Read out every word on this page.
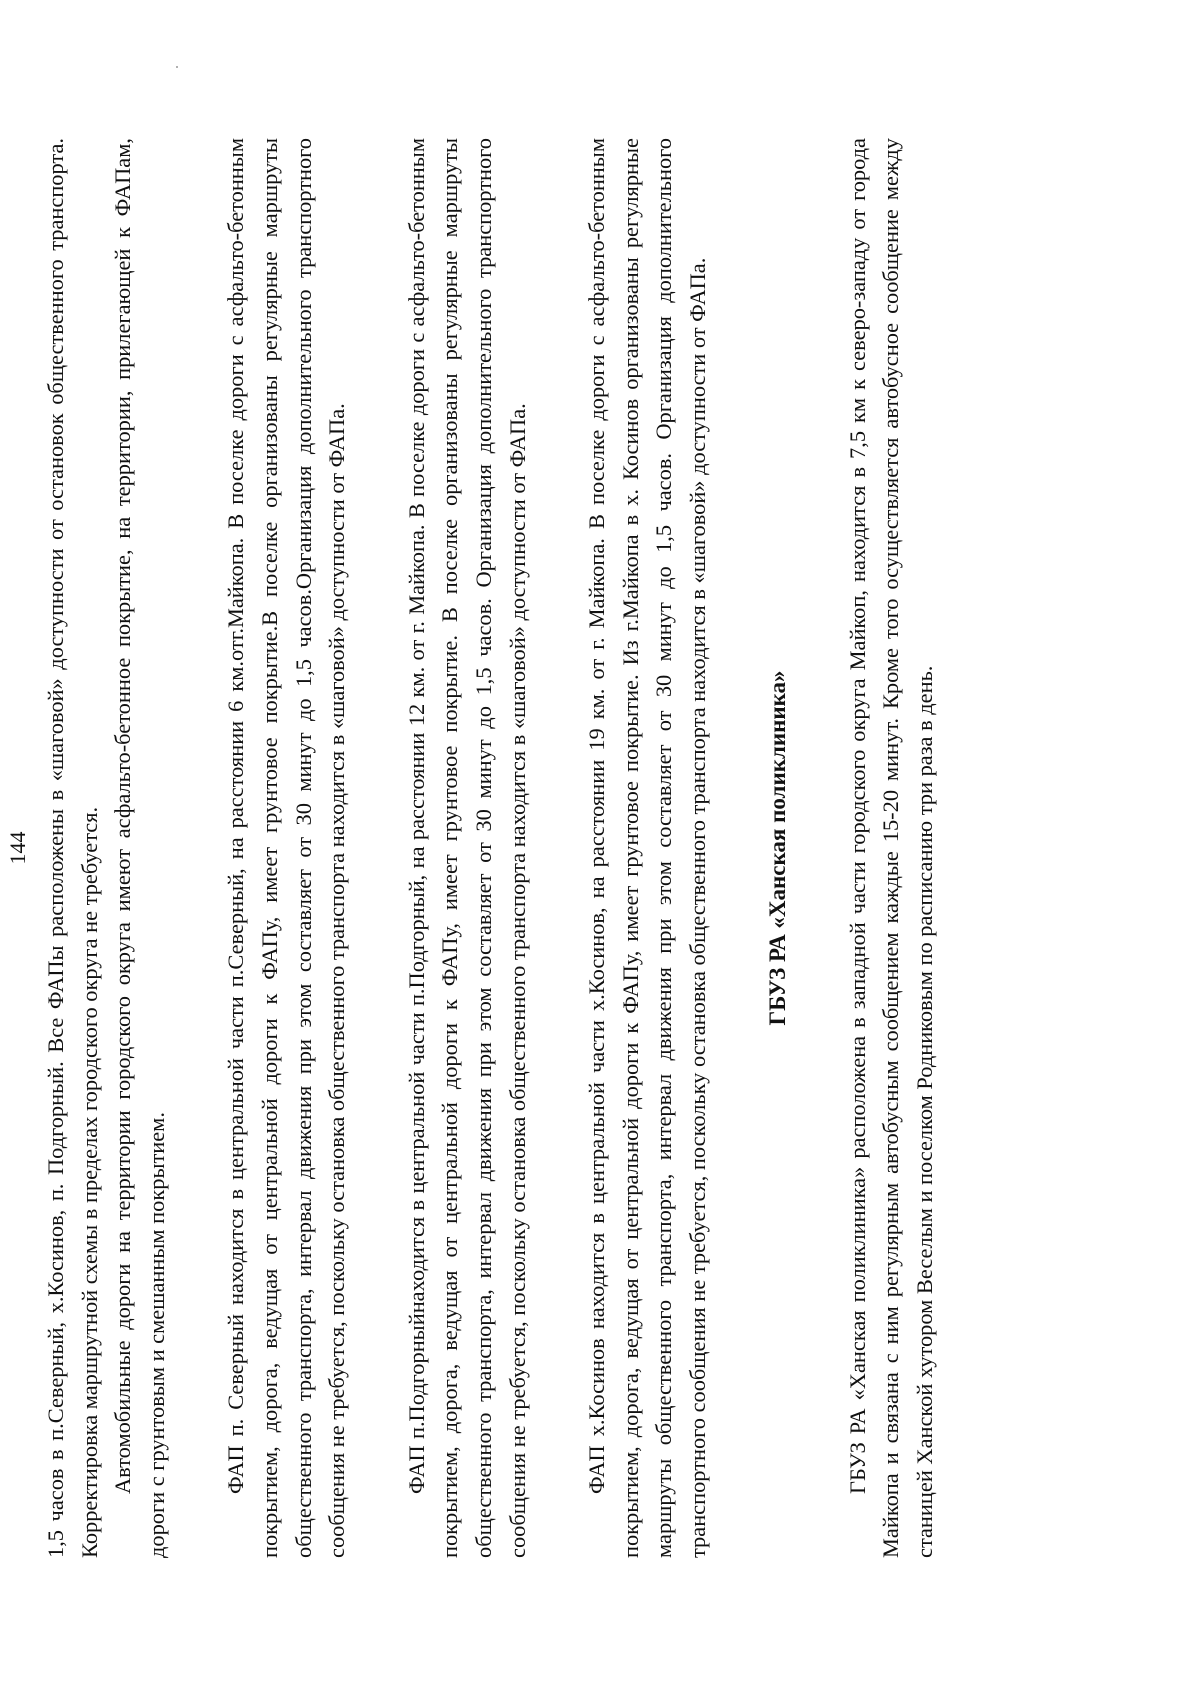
144 1,5 часов в п.Северный, х.Косинов, п. Подгорный. Все ФАПы расположены в «шаговой» доступности от остановок общественного транспорта. Корректировка маршрутной схемы в пределах городского округа не требуется. Автомобильные дороги на территории городского округа имеют асфальто-бетонное покрытие, на территории, прилегающей к ФАПам, дороги с грунтовым и смешанным покрытием. ФАП п. Северный находится в центральной части п.Северный, на расстоянии 6 км.отг.Майкопа. В поселке дороги с асфальто-бетонным покрытием, дорога, ведущая от центральной дороги к ФАПу, имеет грунтовое покрытие.В поселке организованы регулярные маршруты общественного транспорта, интервал движения при этом составляет от 30 минут до 1,5 часов.Организация дополнительного транспортного сообщения не требуется, поскольку остановка общественного транспорта находится в «шаговой» доступности от ФАПа. ФАП п.Подгорныйнаходится в центральной части п.Подгорный, на расстоянии 12 км. от г. Майкопа. В поселке дороги с асфальто-бетонным покрытием, дорога, ведущая от центральной дороги к ФАПу, имеет грунтовое покрытие. В поселке организованы регулярные маршруты общественного транспорта, интервал движения при этом составляет от 30 минут до 1,5 часов. Организация дополнительного транспортного сообщения не требуется, поскольку остановка общественного транспорта находится в «шаговой» доступности от ФАПа. ФАП х.Косинов находится в центральной части х.Косинов, на расстоянии 19 км. от г. Майкопа. В поселке дороги с асфальто-бетонным покрытием, дорога, ведущая от центральной дороги к ФАПу, имеет грунтовое покрытие. Из г.Майкопа в х. Косинов организованы регулярные маршруты общественного транспорта, интервал движения при этом составляет от 30 минут до 1,5 часов. Организация дополнительного транспортного сообщения не требуется, поскольку остановка общественного транспорта находится в «шаговой» доступности от ФАПа. ГБУЗ РА «Ханская поликлиника» ГБУЗ РА «Ханская поликлиника» расположена в западной части городского округа Майкоп, находится в 7,5 км к северо-западу от города Майкопа и связана с ним регулярным автобусным сообщением каждые 15-20 минут. Кроме того осуществляется автобусное сообщение между станицей Ханской хутором Веселым и поселком Родниковым по расписанию три раза в день.
